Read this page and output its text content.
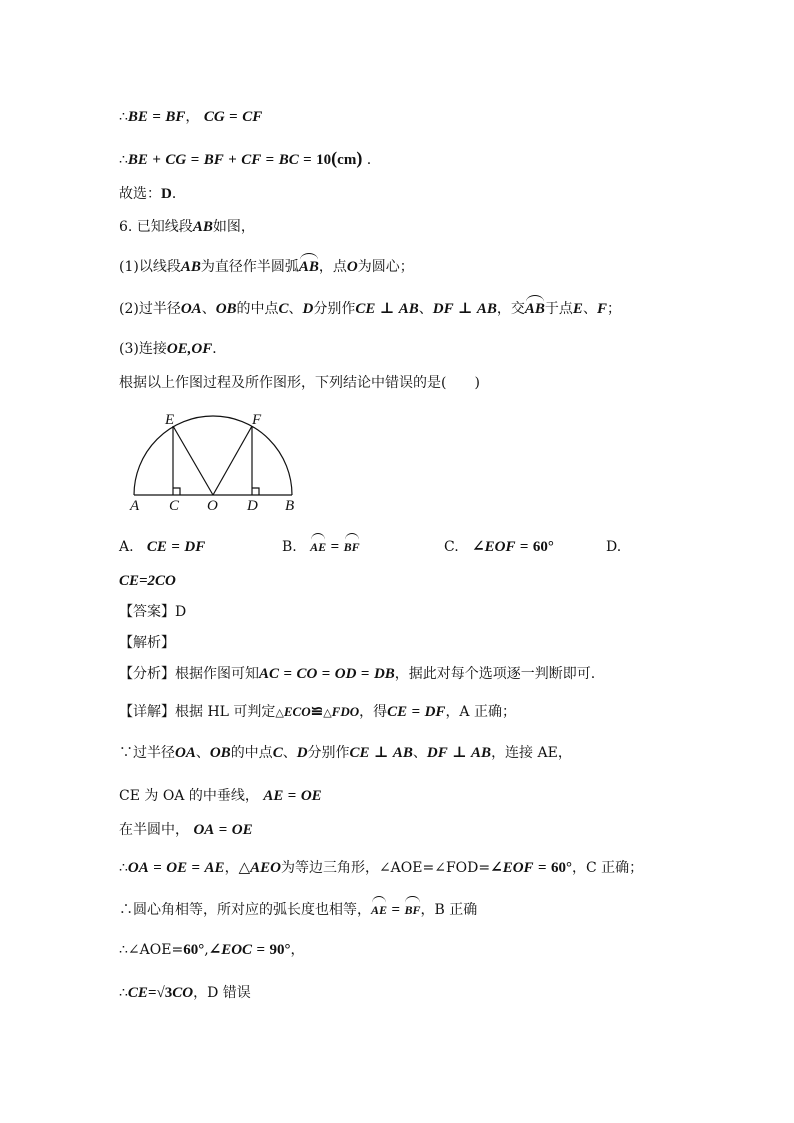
∴BE = BF， CG = CF
∴BE + CG = BF + CF = BC = 10(cm) .
故选：D．
6. 已知线段AB如图，
(1)以线段AB为直径作半圆弧AB，点O为圆心；
(2)过半径OA、OB的中点C、D分别作CE ⊥ AB、DF ⊥ AB，交AB于点E、F；
(3)连接OE,OF．
根据以上作图过程及所作图形，下列结论中错误的是(　　)
A C O D B
E	F
A. CE = DF	B. AE = BF	C. ∠EOF = 60°	D.
CE=2CO
【答案】D
【解析】
【分析】根据作图可知AC = CO = OD = DB，据此对每个选项逐一判断即可.
【详解】根据 HL 可判定△ECO≌△FDO，得CE = DF，A 正确；
∵过半径OA、OB的中点C、D分别作CE ⊥ AB、DF ⊥ AB，连接 AE，
CE 为 OA 的中垂线， AE = OE
在半圆中， OA = OE
∴OA = OE = AE，△AEO为等边三角形，∠AOE=∠FOD=∠EOF = 60°，C 正确；
∴圆心角相等，所对应的弧长度也相等，AE = BF，B 正确
∴∠AOE=60°,∠EOC = 90°，
∴CE=√3CO，D 错误
